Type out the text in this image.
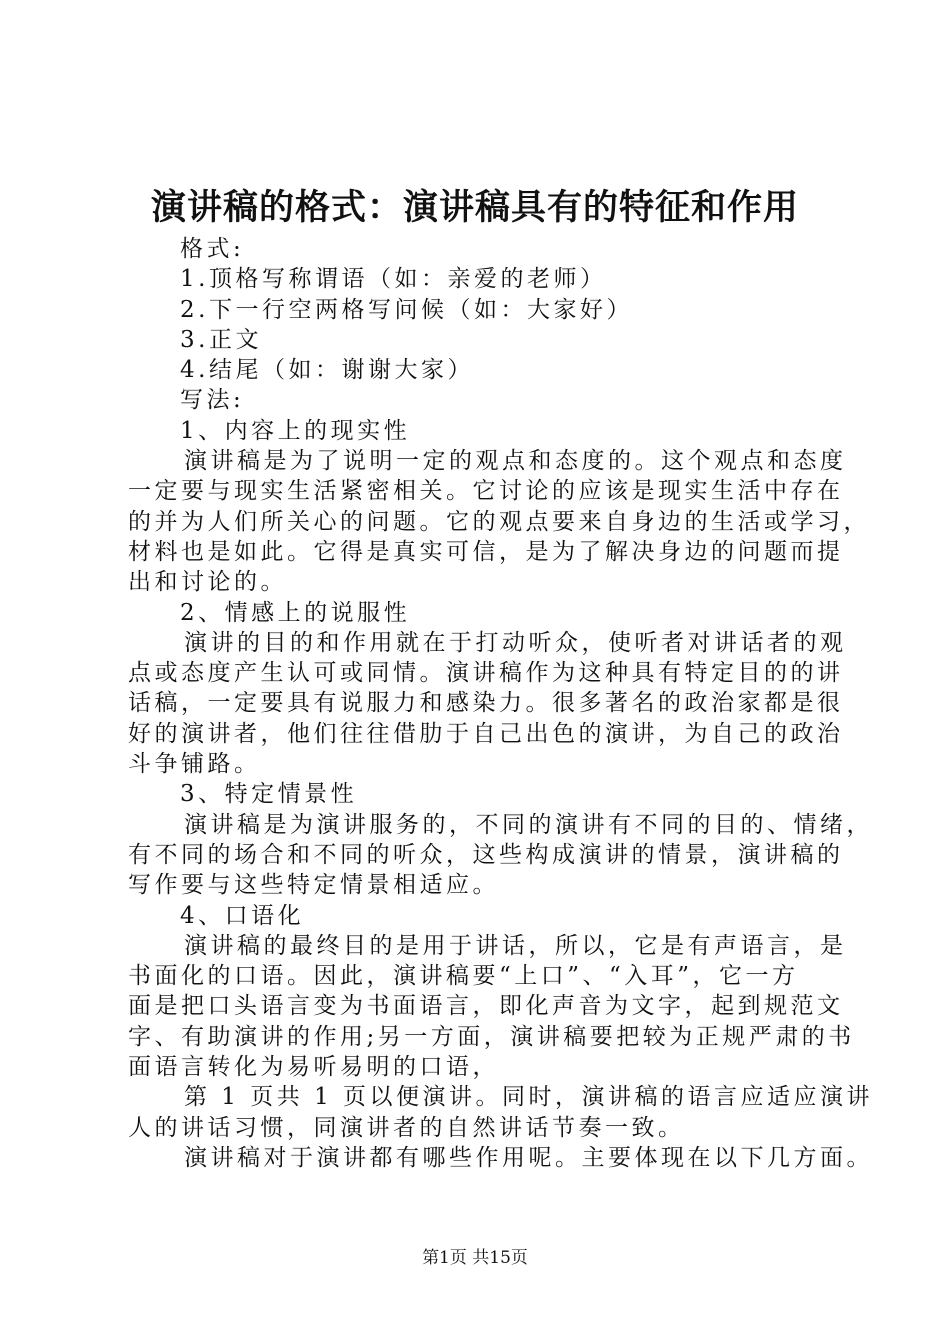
演讲稿的格式：演讲稿具有的特征和作用
格式:
1.顶格写称谓语（如：亲爱的老师）
2.下一行空两格写问候（如：大家好）
3.正文
4.结尾（如：谢谢大家）
写法:
1、内容上的现实性
演讲稿是为了说明一定的观点和态度的。这个观点和态度
一定要与现实生活紧密相关。它讨论的应该是现实生活中存在
的并为人们所关心的问题。它的观点要来自身边的生活或学习，
材料也是如此。它得是真实可信，是为了解决身边的问题而提
出和讨论的。
2、情感上的说服性
演讲的目的和作用就在于打动听众，使听者对讲话者的观
点或态度产生认可或同情。演讲稿作为这种具有特定目的的讲
话稿，一定要具有说服力和感染力。很多著名的政治家都是很
好的演讲者，他们往往借肋于自己出色的演讲，为自己的政治
斗争铺路。
3、特定情景性
演讲稿是为演讲服务的，不同的演讲有不同的目的、情绪，
有不同的场合和不同的听众，这些构成演讲的情景，演讲稿的
写作要与这些特定情景相适应。
4、口语化
演讲稿的最终目的是用于讲话，所以，它是有声语言，是
书面化的口语。因此，演讲稿要“上口”、“入耳”，它一方
面是把口头语言变为书面语言，即化声音为文字，起到规范文
字、有助演讲的作用;另一方面，演讲稿要把较为正规严肃的书
面语言转化为易听易明的口语，
第 1 页共 1 页以便演讲。同时，演讲稿的语言应适应演讲
人的讲话习惯，同演讲者的自然讲话节奏一致。
演讲稿对于演讲都有哪些作用呢。主要体现在以下几方面。
第1页 共15页
